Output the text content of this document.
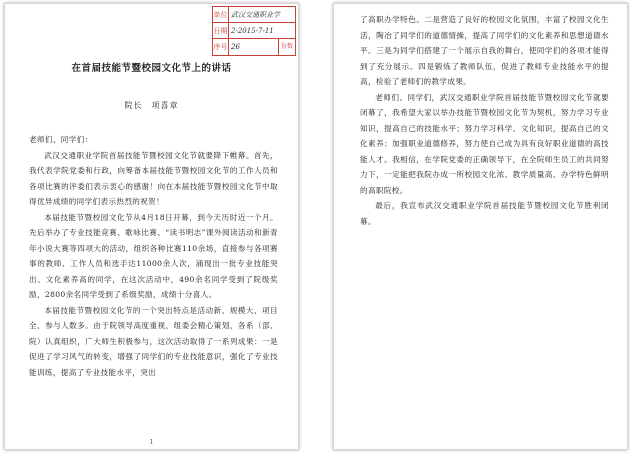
单位 武汉交通职业学
日期 2-2015-7-11
序号 26	份数
在首届技能节暨校园文化节上的讲话
院长　项喜章

老师们、同学们：

武汉交通职业学院首届技能节暨校园文化节就要降下帷幕。首先，我代表学院党委和行政，向筹备本届技能节暨校园文化节的工作人员和各项比赛的评委们表示衷心的感谢！向在本届技能节暨校园文化节中取得优异成绩的同学们表示热烈的祝贺！

本届技能节暨校园文化节从4月18日开幕，到今天历时近一个月。先后举办了专业技能竞赛、歌咏比赛、“读书明志”课外阅读活动和新青年小说大赛等四项大的活动，组织各种比赛110余场，直接参与各项赛事的教师、工作人员和选手达11000余人次，涌现出一批专业技能突出、文化素养高的同学，在这次活动中，490余名同学受到了院级奖励，2800余名同学受到了系级奖励，成绩十分喜人。

本届技能节暨校园文化节的一个突出特点是活动新、规模大、项目全、参与人数多。由于院领导高度重视，组委会精心策划，各系（部、院）认真组织，广大师生积极参与，这次活动取得了一系列成果：一是促进了学习风气的转变，增强了同学们的专业技能意识，强化了专业技能训练，提高了专业技能水平，突出

1

了高职办学特色。二是营造了良好的校园文化氛围，丰富了校园文化生活，陶冶了同学们的道德情操，提高了同学们的文化素养和思想道德水平。三是为同学们搭建了一个展示自我的舞台，使同学们的各项才能得到了充分展示。四是锻炼了教师队伍，促进了教师专业技能水平的提高，检验了老师们的教学成果。

老师们、同学们，武汉交通职业学院首届技能节暨校园文化节就要闭幕了，我希望大家以举办技能节暨校园文化节为契机，努力学习专业知识，提高自己的技能水平；努力学习科学、文化知识，提高自己的文化素养；加强职业道德修养，努力使自己成为具有良好职业道德的高技能人才。我相信，在学院党委的正确领导下，在全院师生员工的共同努力下，一定能把我院办成一所校园文化浓、教学质量高、办学特色鲜明的高职院校。

最后，我宣布武汉交通职业学院首届技能节暨校园文化节胜利闭幕。
